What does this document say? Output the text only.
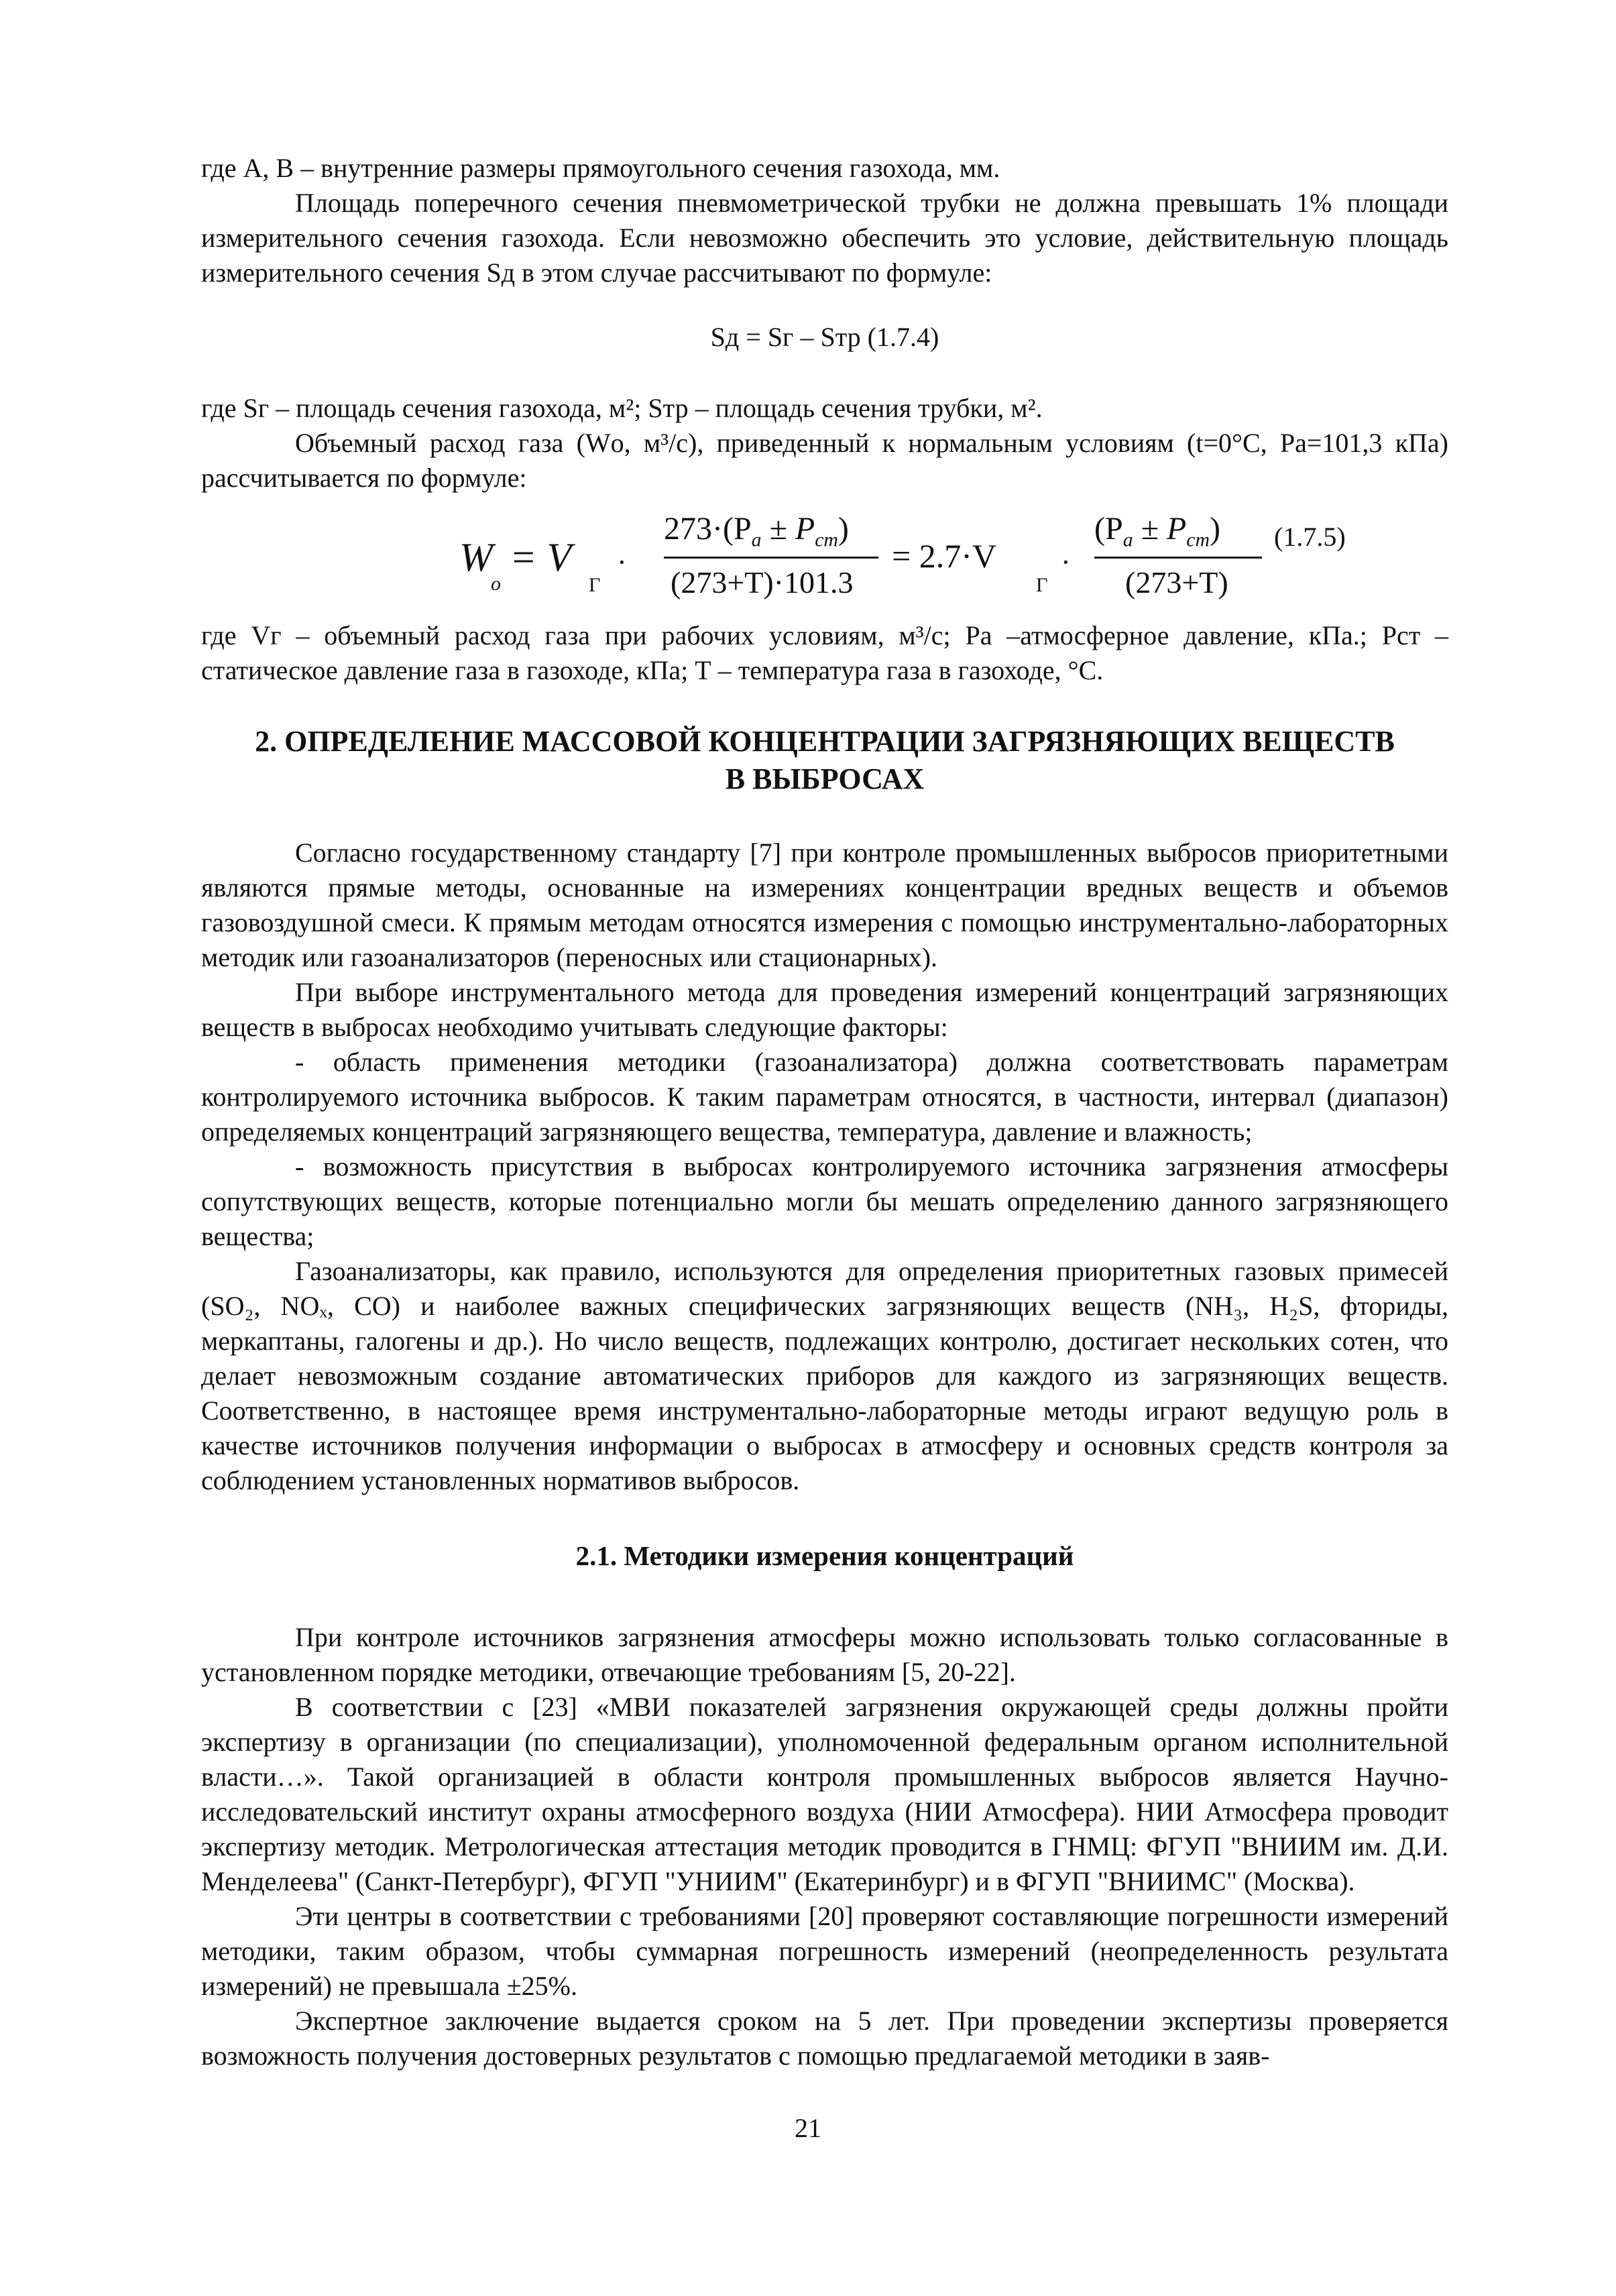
где A, B – внутренние размеры прямоугольного сечения газохода, мм.

Площадь поперечного сечения пневмометрической трубки не должна превышать 1% площади измерительного сечения газохода. Если невозможно обеспечить это условие, действительную площадь измерительного сечения Sд в этом случае рассчитывают по формуле:

Sд = Sг – Sтр (1.7.4)

где Sг – площадь сечения газохода, м²; Sтр – площадь сечения трубки, м².

Объемный расход газа (Wо, м³/с), приведенный к нормальным условиям (t=0°С, Pа=101,3 кПа) рассчитывается по формуле:

W
o
= V
Г
·
$273\cdot(P_a \pm P_{cm})$
(273+T)·101.3
= 2.7·V
Г
·
$(P_a \pm P_{cm})$
(273+T)
(1.7.5)

где Vг – объемный расход газа при рабочих условиям, м³/с; Pа –атмосферное давление, кПа.; Pст – статическое давление газа в газоходе, кПа; Т – температура газа в газоходе, °С.

2. ОПРЕДЕЛЕНИЕ МАССОВОЙ КОНЦЕНТРАЦИИ ЗАГРЯЗНЯЮЩИХ ВЕЩЕСТВ
В ВЫБРОСАХ

Согласно государственному стандарту [7] при контроле промышленных выбросов приоритетными являются прямые методы, основанные на измерениях концентрации вредных веществ и объемов газовоздушной смеси. К прямым методам относятся измерения с помощью инструментально-лабораторных методик или газоанализаторов (переносных или стационарных).

При выборе инструментального метода для проведения измерений концентраций загрязняющих веществ в выбросах необходимо учитывать следующие факторы:

- область применения методики (газоанализатора) должна соответствовать параметрам контролируемого источника выбросов. К таким параметрам относятся, в частности, интервал (диапазон) определяемых концентраций загрязняющего вещества, температура, давление и влажность;

- возможность присутствия в выбросах контролируемого источника загрязнения атмосферы сопутствующих веществ, которые потенциально могли бы мешать определению данного загрязняющего вещества;

Газоанализаторы, как правило, используются для определения приоритетных газовых примесей (SO₂, NOₓ, CO) и наиболее важных специфических загрязняющих веществ (NH₃, H₂S, фториды, меркаптаны, галогены и др.). Но число веществ, подлежащих контролю, достигает нескольких сотен, что делает невозможным создание автоматических приборов для каждого из загрязняющих веществ. Соответственно, в настоящее время инструментально-лабораторные методы играют ведущую роль в качестве источников получения информации о выбросах в атмосферу и основных средств контроля за соблюдением установленных нормативов выбросов.

2.1. Методики измерения концентраций

При контроле источников загрязнения атмосферы можно использовать только согласованные в установленном порядке методики, отвечающие требованиям [5, 20-22].

В соответствии с [23] «МВИ показателей загрязнения окружающей среды должны пройти экспертизу в организации (по специализации), уполномоченной федеральным органом исполнительной власти…». Такой организацией в области контроля промышленных выбросов является Научно-исследовательский институт охраны атмосферного воздуха (НИИ Атмосфера). НИИ Атмосфера проводит экспертизу методик. Метрологическая аттестация методик проводится в ГНМЦ: ФГУП "ВНИИМ им. Д.И. Менделеева" (Санкт-Петербург), ФГУП "УНИИМ" (Екатеринбург) и в ФГУП "ВНИИМС" (Москва).

Эти центры в соответствии с требованиями [20] проверяют составляющие погрешности измерений методики, таким образом, чтобы суммарная погрешность измерений (неопределенность результата измерений) не превышала ±25%.

Экспертное заключение выдается сроком на 5 лет. При проведении экспертизы проверяется возможность получения достоверных результатов с помощью предлагаемой методики в заяв-

21
